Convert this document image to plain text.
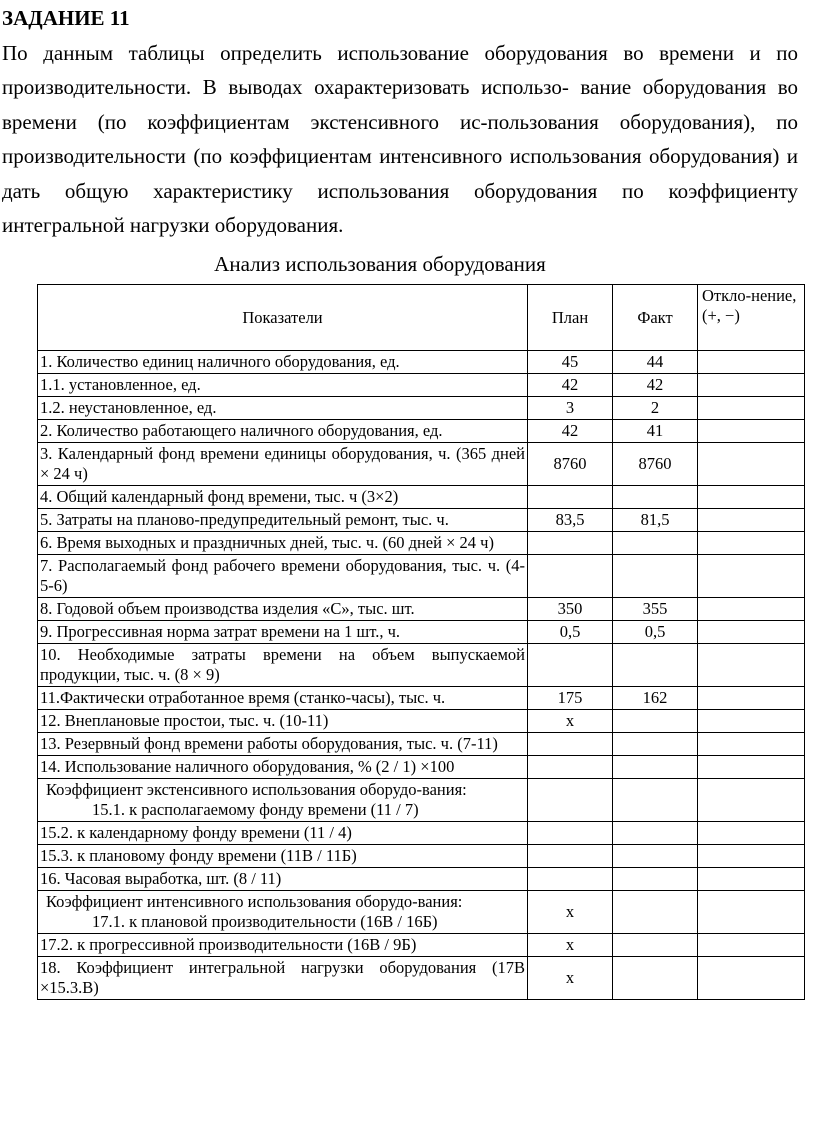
ЗАДАНИЕ 11
По данным таблицы определить использование оборудования во времени и по производительности. В выводах охарактеризовать использо- вание оборудования во времени (по коэффициентам экстенсивного ис-пользования оборудования), по производительности (по коэффициентам интенсивного использования оборудования) и дать общую характеристику использования оборудования по коэффициенту интегральной нагрузки оборудования.
Анализ использования оборудования
Показатели	План	Факт	Откло-нение, (+, −)
1. Количество единиц наличного оборудования, ед.	45	44	
1.1. установленное, ед.	42	42	
1.2. неустановленное, ед.	3	2	
2. Количество работающего наличного оборудования, ед.	42	41	
3. Календарный фонд времени единицы оборудования, ч. (365 дней × 24 ч)	8760	8760	
4. Общий календарный фонд времени, тыс. ч (3×2)			
5. Затраты на планово-предупредительный ремонт, тыс. ч.	83,5	81,5	
6. Время выходных и праздничных дней, тыс. ч. (60 дней × 24 ч)			
7. Располагаемый фонд рабочего времени оборудования, тыс. ч. (4-5-6)			
8. Годовой объем производства изделия «С», тыс. шт.	350	355	
9. Прогрессивная норма затрат времени на 1 шт., ч.	0,5	0,5	
10. Необходимые затраты времени на объем выпускаемой продукции, тыс. ч. (8 × 9)			
11.Фактически отработанное время (станко-часы), тыс. ч.	175	162	
12. Внеплановые простои, тыс. ч. (10-11)	х		
13. Резервный фонд времени работы оборудования, тыс. ч. (7-11)			
14. Использование наличного оборудования, % (2 / 1) ×100			
Коэффициент экстенсивного использования оборудо-вания:
15.1. к располагаемому фонду времени (11 / 7)			

15.2. к календарному фонду времени (11 / 4)			
15.3. к плановому фонду времени (11В / 11Б)			
16. Часовая выработка, шт. (8 / 11)			
Коэффициент интенсивного использования оборудо-вания:
17.1. к плановой производительности (16В / 16Б)	х		
17.2. к прогрессивной производительности (16В / 9Б)	х		
18. Коэффициент интегральной нагрузки оборудования (17В ×15.3.В)	х		
